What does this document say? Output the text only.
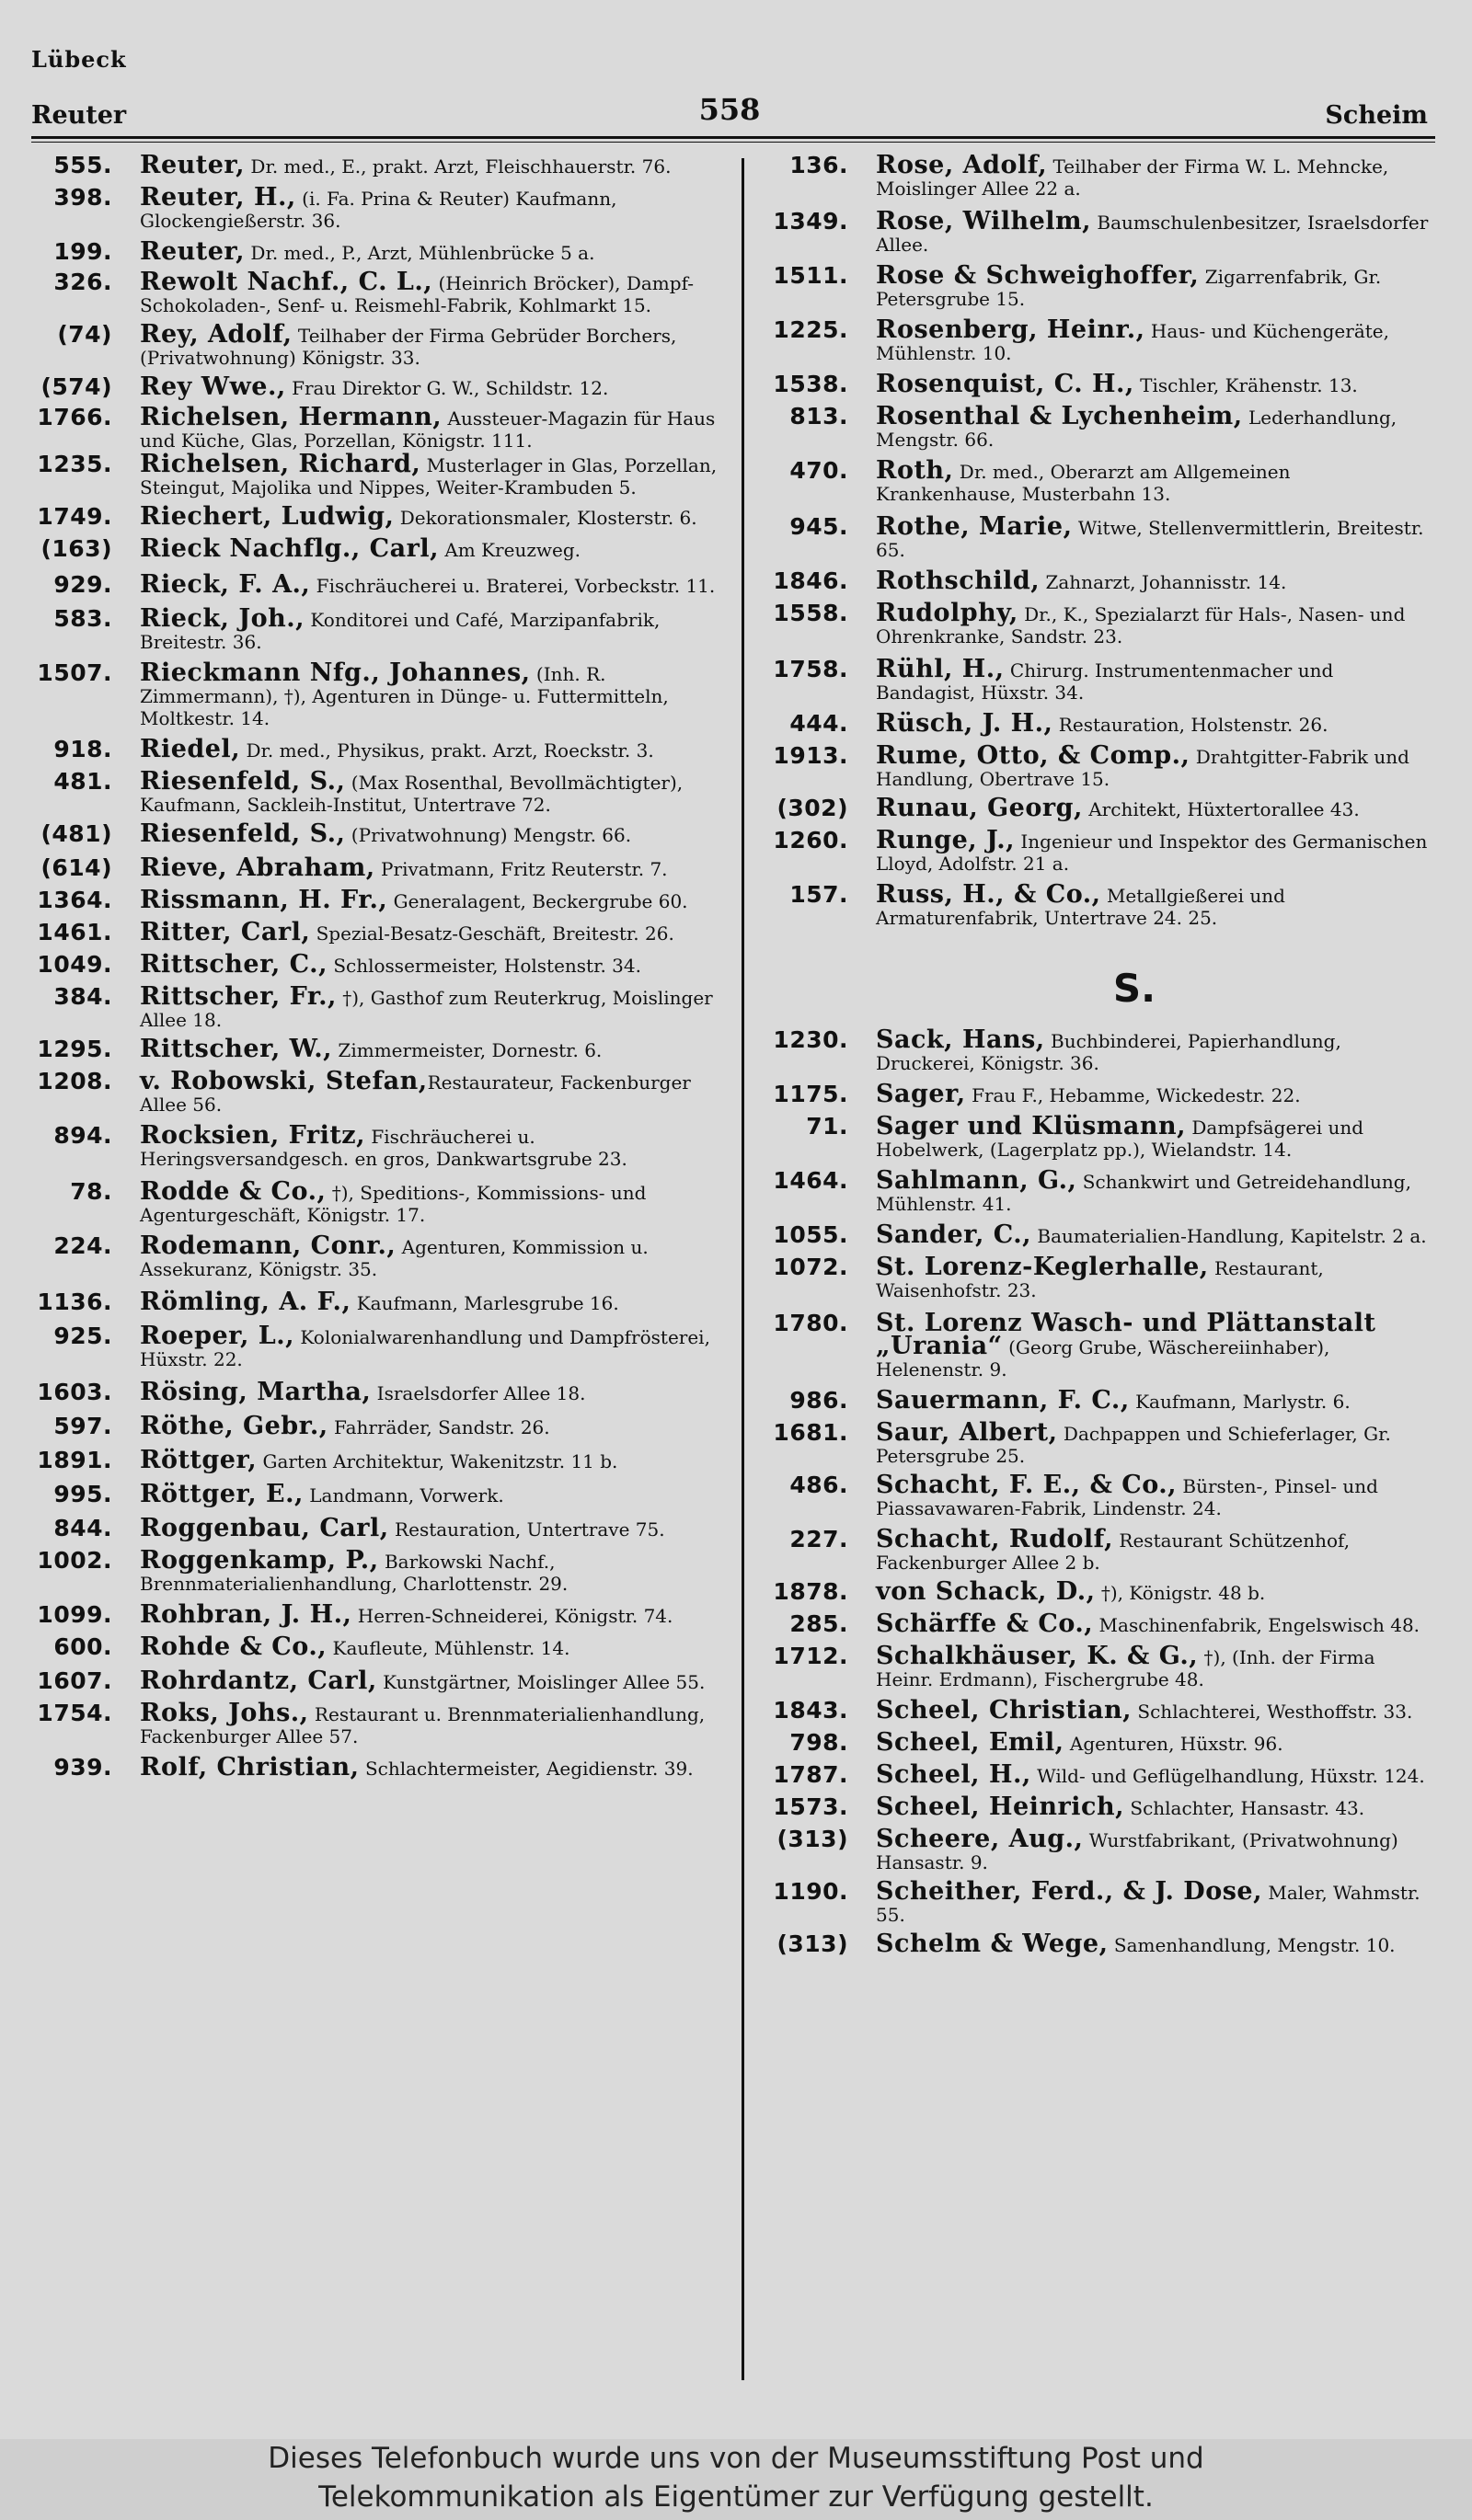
Lübeck
Reuter	558	Scheim
555.	Reuter, Dr. med., E., prakt. Arzt, Fleischhauerstr. 76.
398.	Reuter, H., (i. Fa. Prina & Reuter) Kaufmann, Glockengießerstr. 36.
199.	Reuter, Dr. med., P., Arzt, Mühlenbrücke 5 a.
326.	Rewolt Nachf., C. L., (Heinrich Bröcker), Dampf-Schokoladen-, Senf- u. Reismehl-Fabrik, Kohlmarkt 15.
(74)	Rey, Adolf, Teilhaber der Firma Gebrüder Borchers, (Privatwohnung) Königstr. 33.
(574)	Rey Wwe., Frau Direktor G. W., Schildstr. 12.
1766.	Richelsen, Hermann, Aussteuer-Magazin für Haus und Küche, Glas, Porzellan, Königstr. 111.
1235.	Richelsen, Richard, Musterlager in Glas, Porzellan, Steingut, Majolika und Nippes, Weiter-Krambuden 5.
1749.	Riechert, Ludwig, Dekorationsmaler, Klosterstr. 6.
(163)	Rieck Nachflg., Carl, Am Kreuzweg.
929.	Rieck, F. A., Fischräucherei u. Braterei, Vorbeckstr. 11.
583.	Rieck, Joh., Konditorei und Café, Marzipanfabrik, Breitestr. 36.
1507.	Rieckmann Nfg., Johannes, (Inh. R. Zimmermann), †), Agenturen in Dünge- u. Futtermitteln, Moltkestr. 14.
918.	Riedel, Dr. med., Physikus, prakt. Arzt, Roeckstr. 3.
481.	Riesenfeld, S., (Max Rosenthal, Bevollmächtigter), Kaufmann, Sackleih-Institut, Untertrave 72.
(481)	Riesenfeld, S., (Privatwohnung) Mengstr. 66.
(614)	Rieve, Abraham, Privatmann, Fritz Reuterstr. 7.
1364.	Rissmann, H. Fr., Generalagent, Beckergrube 60.
1461.	Ritter, Carl, Spezial-Besatz-Geschäft, Breitestr. 26.
1049.	Rittscher, C., Schlossermeister, Holstenstr. 34.
384.	Rittscher, Fr., †), Gasthof zum Reuterkrug, Moislinger Allee 18.
1295.	Rittscher, W., Zimmermeister, Dornestr. 6.
1208.	v. Robowski, Stefan,Restaurateur, Fackenburger Allee 56.
894.	Rocksien, Fritz, Fischräucherei u. Heringsversandgesch. en gros, Dankwartsgrube 23.
78.	Rodde & Co., †), Speditions-, Kommissions- und Agenturgeschäft, Königstr. 17.
224.	Rodemann, Conr., Agenturen, Kommission u. Assekuranz, Königstr. 35.
1136.	Römling, A. F., Kaufmann, Marlesgrube 16.
925.	Roeper, L., Kolonialwarenhandlung und Dampfrösterei, Hüxstr. 22.
1603.	Rösing, Martha, Israelsdorfer Allee 18.
597.	Röthe, Gebr., Fahrräder, Sandstr. 26.
1891.	Röttger, Garten Architektur, Wakenitzstr. 11 b.
995.	Röttger, E., Landmann, Vorwerk.
844.	Roggenbau, Carl, Restauration, Untertrave 75.
1002.	Roggenkamp, P., Barkowski Nachf., Brennmaterialienhandlung, Charlottenstr. 29.
1099.	Rohbran, J. H., Herren-Schneiderei, Königstr. 74.
600.	Rohde & Co., Kaufleute, Mühlenstr. 14.
1607.	Rohrdantz, Carl, Kunstgärtner, Moislinger Allee 55.
1754.	Roks, Johs., Restaurant u. Brennmaterialienhandlung, Fackenburger Allee 57.
939.	Rolf, Christian, Schlachtermeister, Aegidienstr. 39.
136.	Rose, Adolf, Teilhaber der Firma W. L. Mehncke, Moislinger Allee 22 a.
1349.	Rose, Wilhelm, Baumschulenbesitzer, Israelsdorfer Allee.
1511.	Rose & Schweighoffer, Zigarrenfabrik, Gr. Petersgrube 15.
1225.	Rosenberg, Heinr., Haus- und Küchengeräte, Mühlenstr. 10.
1538.	Rosenquist, C. H., Tischler, Krähenstr. 13.
813.	Rosenthal & Lychenheim, Lederhandlung, Mengstr. 66.
470.	Roth, Dr. med., Oberarzt am Allgemeinen Krankenhause, Musterbahn 13.
945.	Rothe, Marie, Witwe, Stellenvermittlerin, Breitestr. 65.
1846.	Rothschild, Zahnarzt, Johannisstr. 14.
1558.	Rudolphy, Dr., K., Spezialarzt für Hals-, Nasen- und Ohrenkranke, Sandstr. 23.
1758.	Rühl, H., Chirurg. Instrumentenmacher und Bandagist, Hüxstr. 34.
444.	Rüsch, J. H., Restauration, Holstenstr. 26.
1913.	Rume, Otto, & Comp., Drahtgitter-Fabrik und Handlung, Obertrave 15.
(302)	Runau, Georg, Architekt, Hüxtertorallee 43.
1260.	Runge, J., Ingenieur und Inspektor des Germanischen Lloyd, Adolfstr. 21 a.
157.	Russ, H., & Co., Metallgießerei und Armaturenfabrik, Untertrave 24. 25.
S.
1230.	Sack, Hans, Buchbinderei, Papierhandlung, Druckerei, Königstr. 36.
1175.	Sager, Frau F., Hebamme, Wickedestr. 22.
71.	Sager und Klüsmann, Dampfsägerei und Hobelwerk, (Lagerplatz pp.), Wielandstr. 14.
1464.	Sahlmann, G., Schankwirt und Getreidehandlung, Mühlenstr. 41.
1055.	Sander, C., Baumaterialien-Handlung, Kapitelstr. 2 a.
1072.	St. Lorenz-Keglerhalle, Restaurant, Waisenhofstr. 23.
1780.	St. Lorenz Wasch- und Plättanstalt „Urania“ (Georg Grube, Wäschereiinhaber), Helenenstr. 9.
986.	Sauermann, F. C., Kaufmann, Marlystr. 6.
1681.	Saur, Albert, Dachpappen und Schieferlager, Gr. Petersgrube 25.
486.	Schacht, F. E., & Co., Bürsten-, Pinsel- und Piassavawaren-Fabrik, Lindenstr. 24.
227.	Schacht, Rudolf, Restaurant Schützenhof, Fackenburger Allee 2 b.
1878.	von Schack, D., †), Königstr. 48 b.
285.	Schärffe & Co., Maschinenfabrik, Engelswisch 48.
1712.	Schalkhäuser, K. & G., †), (Inh. der Firma Heinr. Erdmann), Fischergrube 48.
1843.	Scheel, Christian, Schlachterei, Westhoffstr. 33.
798.	Scheel, Emil, Agenturen, Hüxstr. 96.
1787.	Scheel, H., Wild- und Geflügelhandlung, Hüxstr. 124.
1573.	Scheel, Heinrich, Schlachter, Hansastr. 43.
(313)	Scheere, Aug., Wurstfabrikant, (Privatwohnung) Hansastr. 9.
1190.	Scheither, Ferd., & J. Dose, Maler, Wahmstr. 55.
(313)	Schelm & Wege, Samenhandlung, Mengstr. 10.
Dieses Telefonbuch wurde uns von der Museumsstiftung Post und
Telekommunikation als Eigentümer zur Verfügung gestellt.
